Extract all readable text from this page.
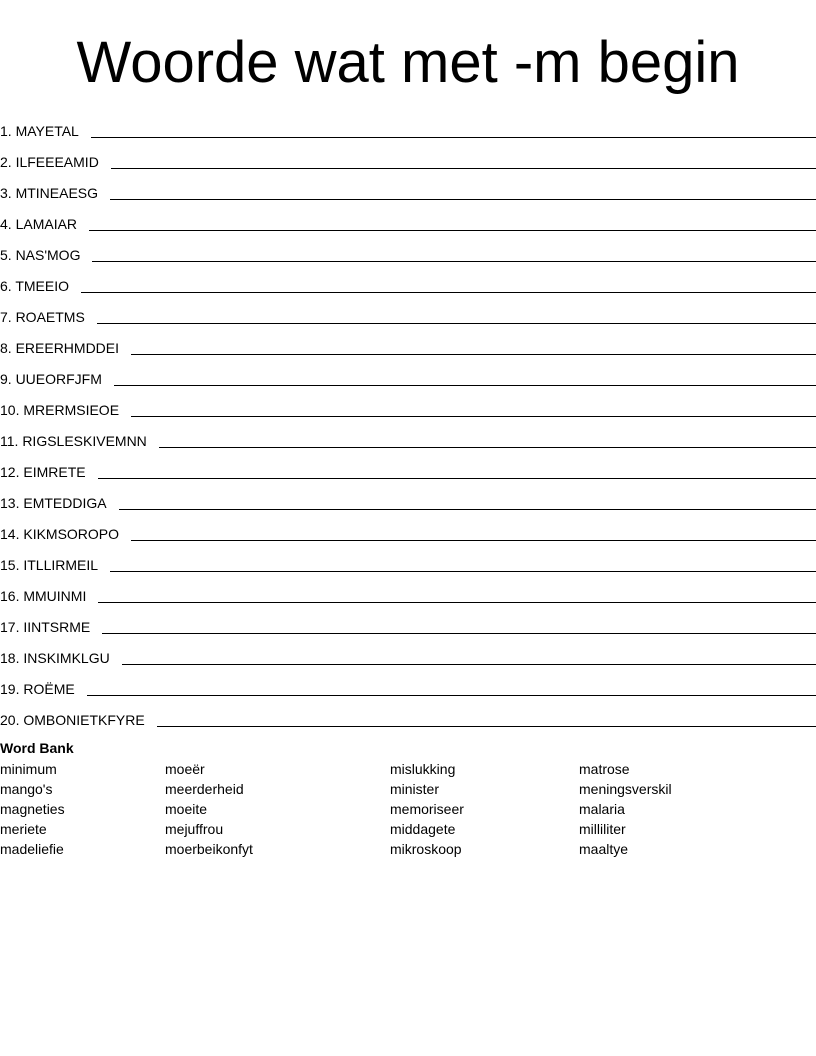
Woorde wat met -m begin
1. MAYETAL
2. ILFEEEAMID
3. MTINEAESG
4. LAMAIAR
5. NAS'MOG
6. TMEEIO
7. ROAETMS
8. EREERHMDDEI
9. UUEORFJFM
10. MRERMSIEOE
11. RIGSLESKIVEMNN
12. EIMRETE
13. EMTEDDIGA
14. KIKMSOROPO
15. ITLLIRMEIL
16. MMUINMI
17. IINTSRME
18. INSKIMKLGU
19. ROËME
20. OMBONIETKFYRE
Word Bank
minimum	moeër	mislukking	matrose
mango's	meerderheid	minister	meningsverskil
magneties	moeite	memoriseer	malaria
meriete	mejuffrou	middagete	milliliter
madeliefie	moerbeikonfyt	mikroskoop	maaltye
